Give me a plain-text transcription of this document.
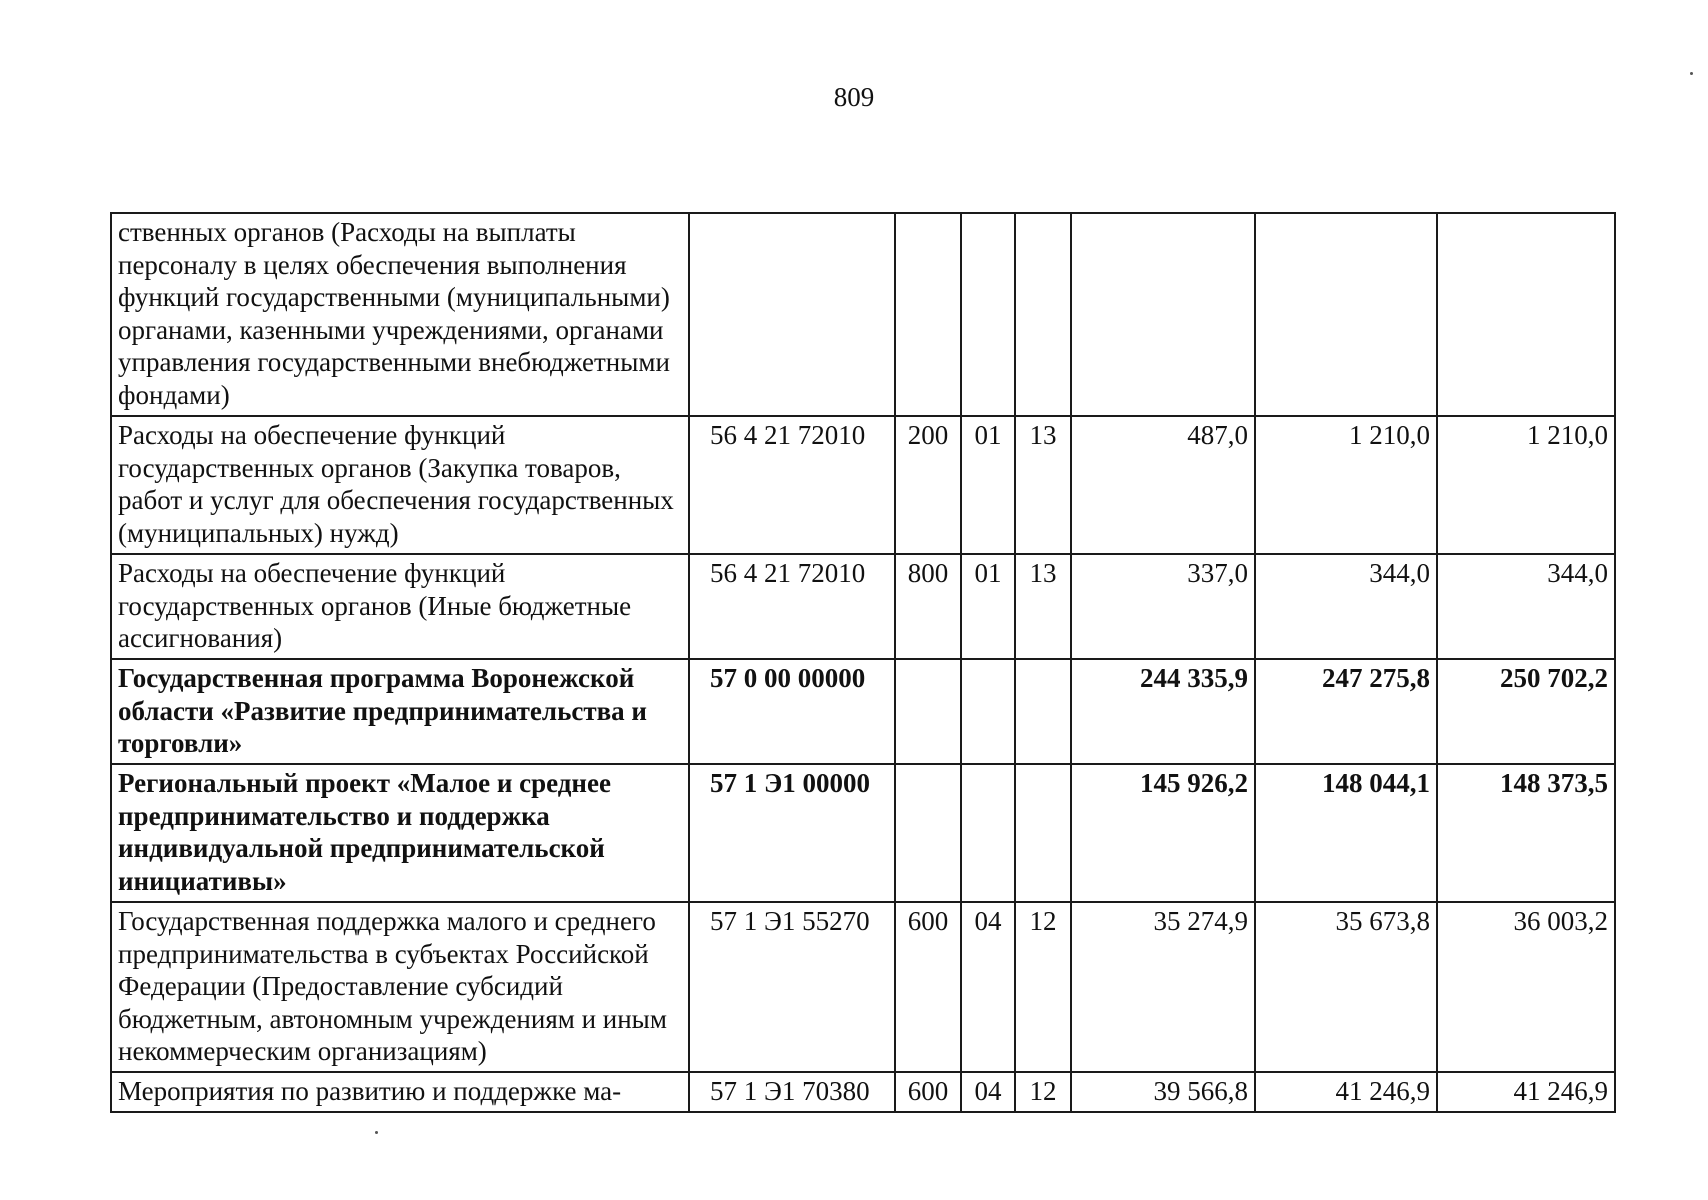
809
ственных органов (Расходы на выплаты персоналу в целях обеспечения выполнения функций государственными (муниципальными) органами, казенными учреждениями, органами управления государственными внебюджетными фондами)							
Расходы на обеспечение функций государственных органов (Закупка товаров, работ и услуг для обеспечения государственных (муниципальных) нужд)	56 4 21 72010	200	01	13	487,0	1 210,0	1 210,0
Расходы на обеспечение функций государственных органов (Иные бюджетные ассигнования)	56 4 21 72010	800	01	13	337,0	344,0	344,0
Государственная программа Воронежской области «Развитие предпринимательства и торговли»	57 0 00 00000				244 335,9	247 275,8	250 702,2
Региональный проект «Малое и среднее предпринимательство и поддержка индивидуальной предпринимательской инициативы»	57 1 Э1 00000				145 926,2	148 044,1	148 373,5
Государственная поддержка малого и среднего предпринимательства в субъектах Российской Федерации (Предоставление субсидий бюджетным, автономным учреждениям и иным некоммерческим организациям)	57 1 Э1 55270	600	04	12	35 274,9	35 673,8	36 003,2
Мероприятия по развитию и поддержке ма-	57 1 Э1 70380	600	04	12	39 566,8	41 246,9	41 246,9
